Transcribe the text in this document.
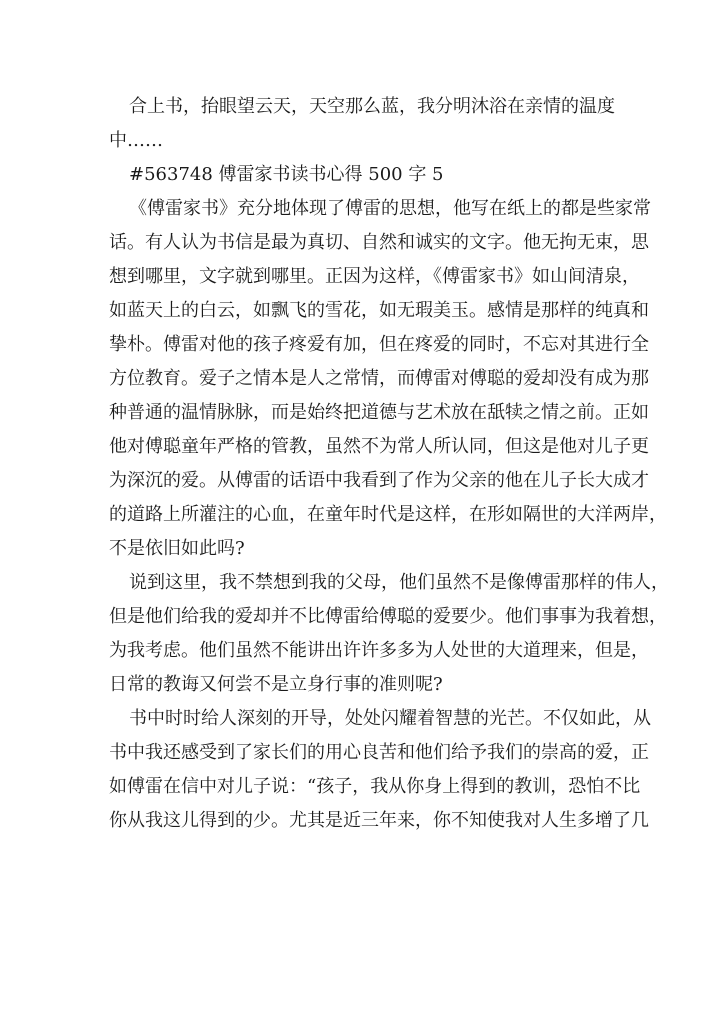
合上书，抬眼望云天，天空那么蓝，我分明沐浴在亲情的温度
中……
#563748 傅雷家书读书心得 500 字 5
《傅雷家书》充分地体现了傅雷的思想，他写在纸上的都是些家常
话。有人认为书信是最为真切、自然和诚实的文字。他无拘无束，思
想到哪里，文字就到哪里。正因为这样，《傅雷家书》如山间清泉，
如蓝天上的白云，如飘飞的雪花，如无瑕美玉。感情是那样的纯真和
挚朴。傅雷对他的孩子疼爱有加，但在疼爱的同时，不忘对其进行全
方位教育。爱子之情本是人之常情，而傅雷对傅聪的爱却没有成为那
种普通的温情脉脉，而是始终把道德与艺术放在舐犊之情之前。正如
他对傅聪童年严格的管教，虽然不为常人所认同，但这是他对儿子更
为深沉的爱。从傅雷的话语中我看到了作为父亲的他在儿子长大成才
的道路上所灌注的心血，在童年时代是这样，在形如隔世的大洋两岸，
不是依旧如此吗?
说到这里，我不禁想到我的父母，他们虽然不是像傅雷那样的伟人，
但是他们给我的爱却并不比傅雷给傅聪的爱要少。他们事事为我着想，
为我考虑。他们虽然不能讲出许许多多为人处世的大道理来，但是，
日常的教诲又何尝不是立身行事的准则呢?
书中时时给人深刻的开导，处处闪耀着智慧的光芒。不仅如此，从
书中我还感受到了家长们的用心良苦和他们给予我们的崇高的爱，正
如傅雷在信中对儿子说：“孩子，我从你身上得到的教训，恐怕不比
你从我这儿得到的少。尤其是近三年来，你不知使我对人生多增了几
